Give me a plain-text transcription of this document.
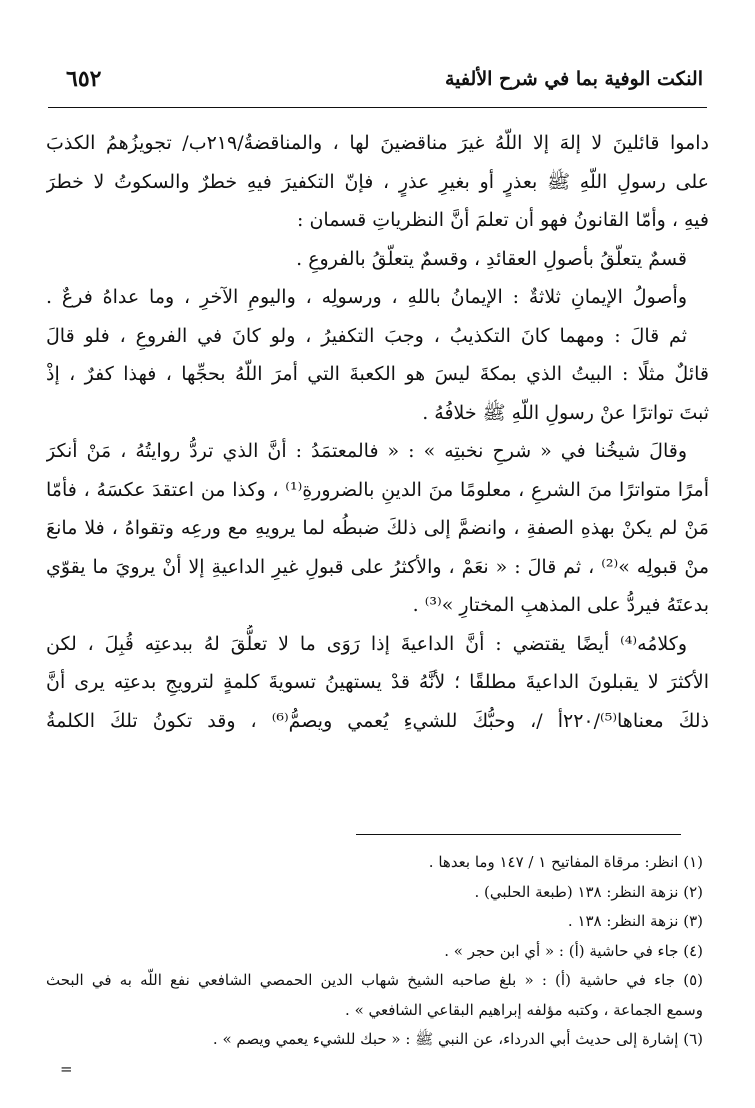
النكت الوفية بما في شرح الألفية
٦٥٢
داموا قائلينَ لا إلهَ إلا اللّهُ غيرَ مناقضينَ لها ، والمناقضةُ/٢١٩ب/ تجويزُهمُ الكذبَ
على رسولِ اللّهِ ﷺ بعذرٍ أو بغيرِ عذرٍ ، فإنّ التكفيرَ فيهِ خطرٌ والسكوتُ لا خطرَ
فيهِ ، وأمّا القانونُ فهو أن تعلمَ أنَّ النظرياتِ قسمان :
قسمٌ يتعلّقُ بأصولِ العقائدِ ، وقسمٌ يتعلّقُ بالفروعِ .
وأصولُ الإيمانِ ثلاثةٌ : الإيمانُ باللهِ ، ورسولِه ، واليومِ الآخرِ ، وما عداهُ فرعٌ .
ثم قالَ : ومهما كانَ التكذيبُ ، وجبَ التكفيرُ ، ولو كانَ في الفروعِ ، فلو قالَ
قائلٌ مثلًا : البيتُ الذي بمكةَ ليسَ هو الكعبةَ التي أمرَ اللّهُ بحجِّها ، فهذا كفرٌ ، إذْ
ثبتَ تواترًا عنْ رسولِ اللّهِ ﷺ خلافُهُ .
وقالَ شيخُنا في « شرحِ نخبتِه » : « فالمعتمَدُ : أنَّ الذي تردُّ روايتُهُ ، مَنْ أنكرَ
أمرًا متواترًا منَ الشرعِ ، معلومًا منَ الدينِ بالضرورةِ⁽¹⁾ ، وكذا من اعتقدَ عكسَهُ ، فأمّا
مَنْ لم يكنْ بهذهِ الصفةِ ، وانضمَّ إلى ذلكَ ضبطُه لما يرويهِ مع ورعِه وتقواهُ ، فلا مانعَ
منْ قبولِه »⁽²⁾ ، ثم قالَ : « نعَمْ ، والأكثرُ على قبولِ غيرِ الداعيةِ إلا أنْ يرويَ ما يقوّي
بدعتَهُ فيردُّ على المذهبِ المختارِ »⁽³⁾ .
وكلامُه⁽⁴⁾ أيضًا يقتضي : أنَّ الداعيةَ إذا رَوَى ما لا تعلُّقَ لهُ ببدعتِه قُبِلَ ، لكن
الأكثرَ لا يقبلونَ الداعيةَ مطلقًا ؛ لأنَّهُ قدْ يستهينُ تسويةَ كلمةٍ لترويجِ بدعتِه يرى أنَّ
ذلكَ معناها⁽⁵⁾/٢٢٠أ /، وحبُّكَ للشيءِ يُعمي ويصمُّ⁽⁶⁾ ، وقد تكونُ تلكَ الكلمةُ
(١) انظر: مرقاة المفاتيح ١ / ١٤٧ وما بعدها .
(٢) نزهة النظر: ١٣٨ (طبعة الحلبي) .
(٣) نزهة النظر: ١٣٨ .
(٤) جاء في حاشية (أ) : « أي ابن حجر » .
(٥) جاء في حاشية (أ) : « بلغ صاحبه الشيخ شهاب الدين الحمصي الشافعي نفع اللّه به في البحث
وسمع الجماعة ، وكتبه مؤلفه إبراهيم البقاعي الشافعي » .
(٦) إشارة إلى حديث أبي الدرداء، عن النبي ﷺ : « حبك للشيء يعمي ويصم » .
=
